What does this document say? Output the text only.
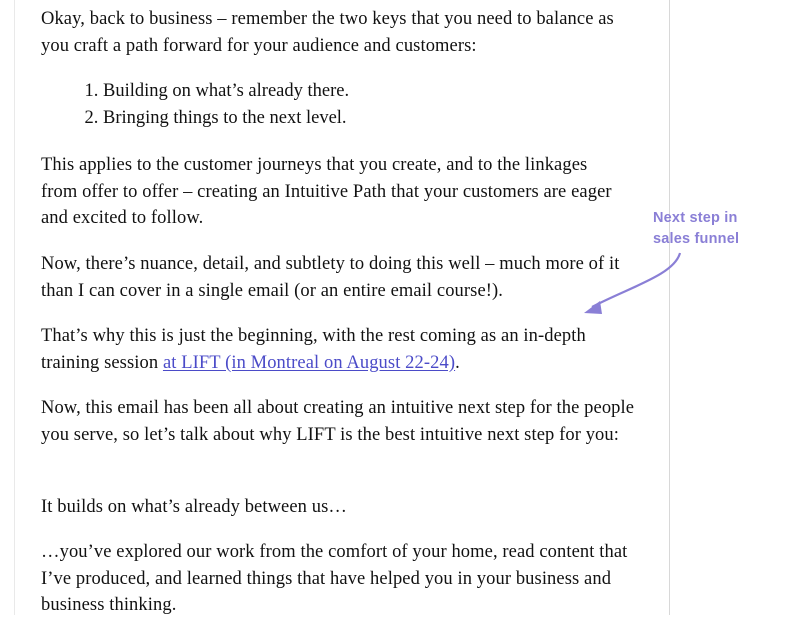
Okay, back to business – remember the two keys that you need to balance as you craft a path forward for your audience and customers:

1. Building on what’s already there.
2. Bringing things to the next level.

This applies to the customer journeys that you create, and to the linkages from offer to offer – creating an Intuitive Path that your customers are eager and excited to follow.

Now, there’s nuance, detail, and subtlety to doing this well – much more of it than I can cover in a single email (or an entire email course!).

That’s why this is just the beginning, with the rest coming as an in-depth training session at LIFT (in Montreal on August 22-24).

Now, this email has been all about creating an intuitive next step for the people you serve, so let’s talk about why LIFT is the best intuitive next step for you:

It builds on what’s already between us…

…you’ve explored our work from the comfort of your home, read content that I’ve produced, and learned things that have helped you in your business and business thinking.

Next step in
sales funnel
